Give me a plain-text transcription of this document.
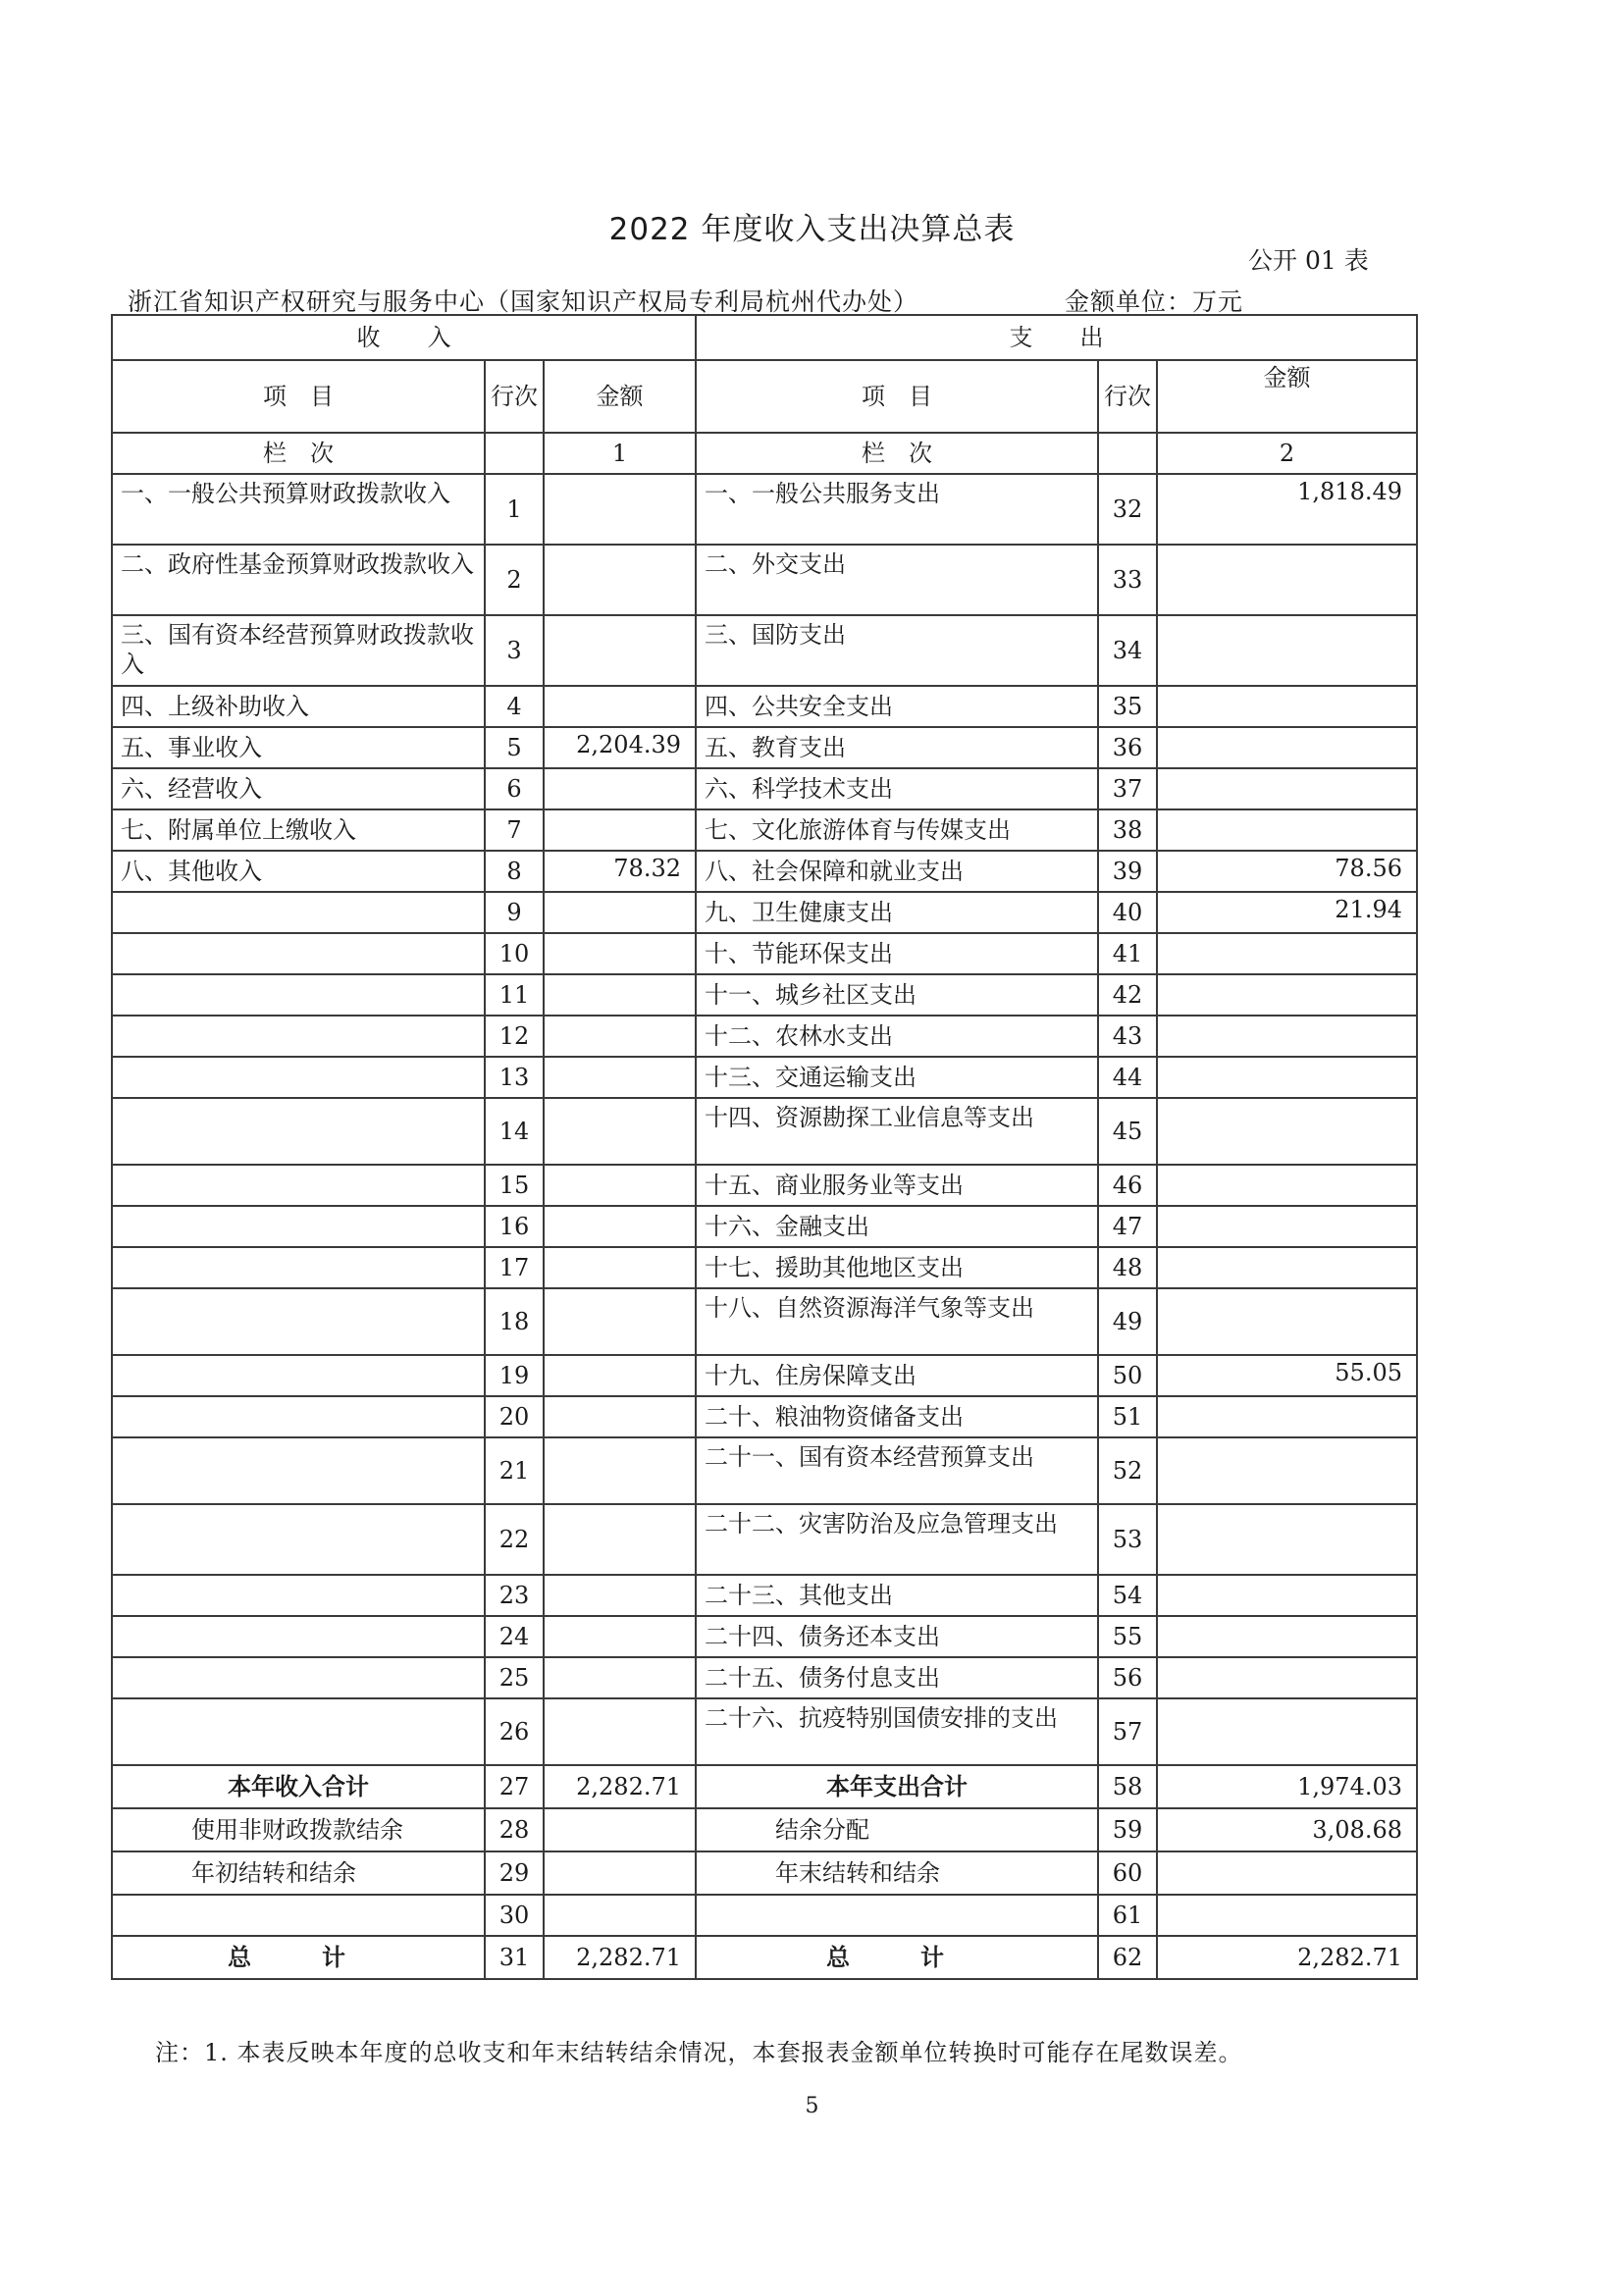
2022 年度收入支出决算总表
公开 01 表
浙江省知识产权研究与服务中心（国家知识产权局专利局杭州代办处）	金额单位：万元
收　　入			支　　出		
项　目	行次	金额	项　目	行次	金额
栏　次		1	栏　次		2
一、一般公共预算财政拨款收入	1		一、一般公共服务支出	32	1,818.49
二、政府性基金预算财政拨款收入	2		二、外交支出	33	
三、国有资本经营预算财政拨款收入	3		三、国防支出	34	
四、上级补助收入	4		四、公共安全支出	35	
五、事业收入	5	2,204.39	五、教育支出	36	
六、经营收入	6		六、科学技术支出	37	
七、附属单位上缴收入	7		七、文化旅游体育与传媒支出	38	
八、其他收入	8	78.32	八、社会保障和就业支出	39	78.56
	9		九、卫生健康支出	40	21.94
	10		十、节能环保支出	41	
	11		十一、城乡社区支出	42	
	12		十二、农林水支出	43	
	13		十三、交通运输支出	44	
	14		十四、资源勘探工业信息等支出	45	
	15		十五、商业服务业等支出	46	
	16		十六、金融支出	47	
	17		十七、援助其他地区支出	48	
	18		十八、自然资源海洋气象等支出	49	
	19		十九、住房保障支出	50	55.05
	20		二十、粮油物资储备支出	51	
	21		二十一、国有资本经营预算支出	52	
	22		二十二、灾害防治及应急管理支出	53	
	23		二十三、其他支出	54	
	24		二十四、债务还本支出	55	
	25		二十五、债务付息支出	56	
	26		二十六、抗疫特别国债安排的支出	57	
本年收入合计	27	2,282.71	本年支出合计	58	1,974.03
使用非财政拨款结余	28		结余分配	59	3,08.68
年初结转和结余	29		年末结转和结余	60	
	30			61	
总　计	31	2,282.71	总　计	62	2,282.71
注：1. 本表反映本年度的总收支和年末结转结余情况，本套报表金额单位转换时可能存在尾数误差。
5
